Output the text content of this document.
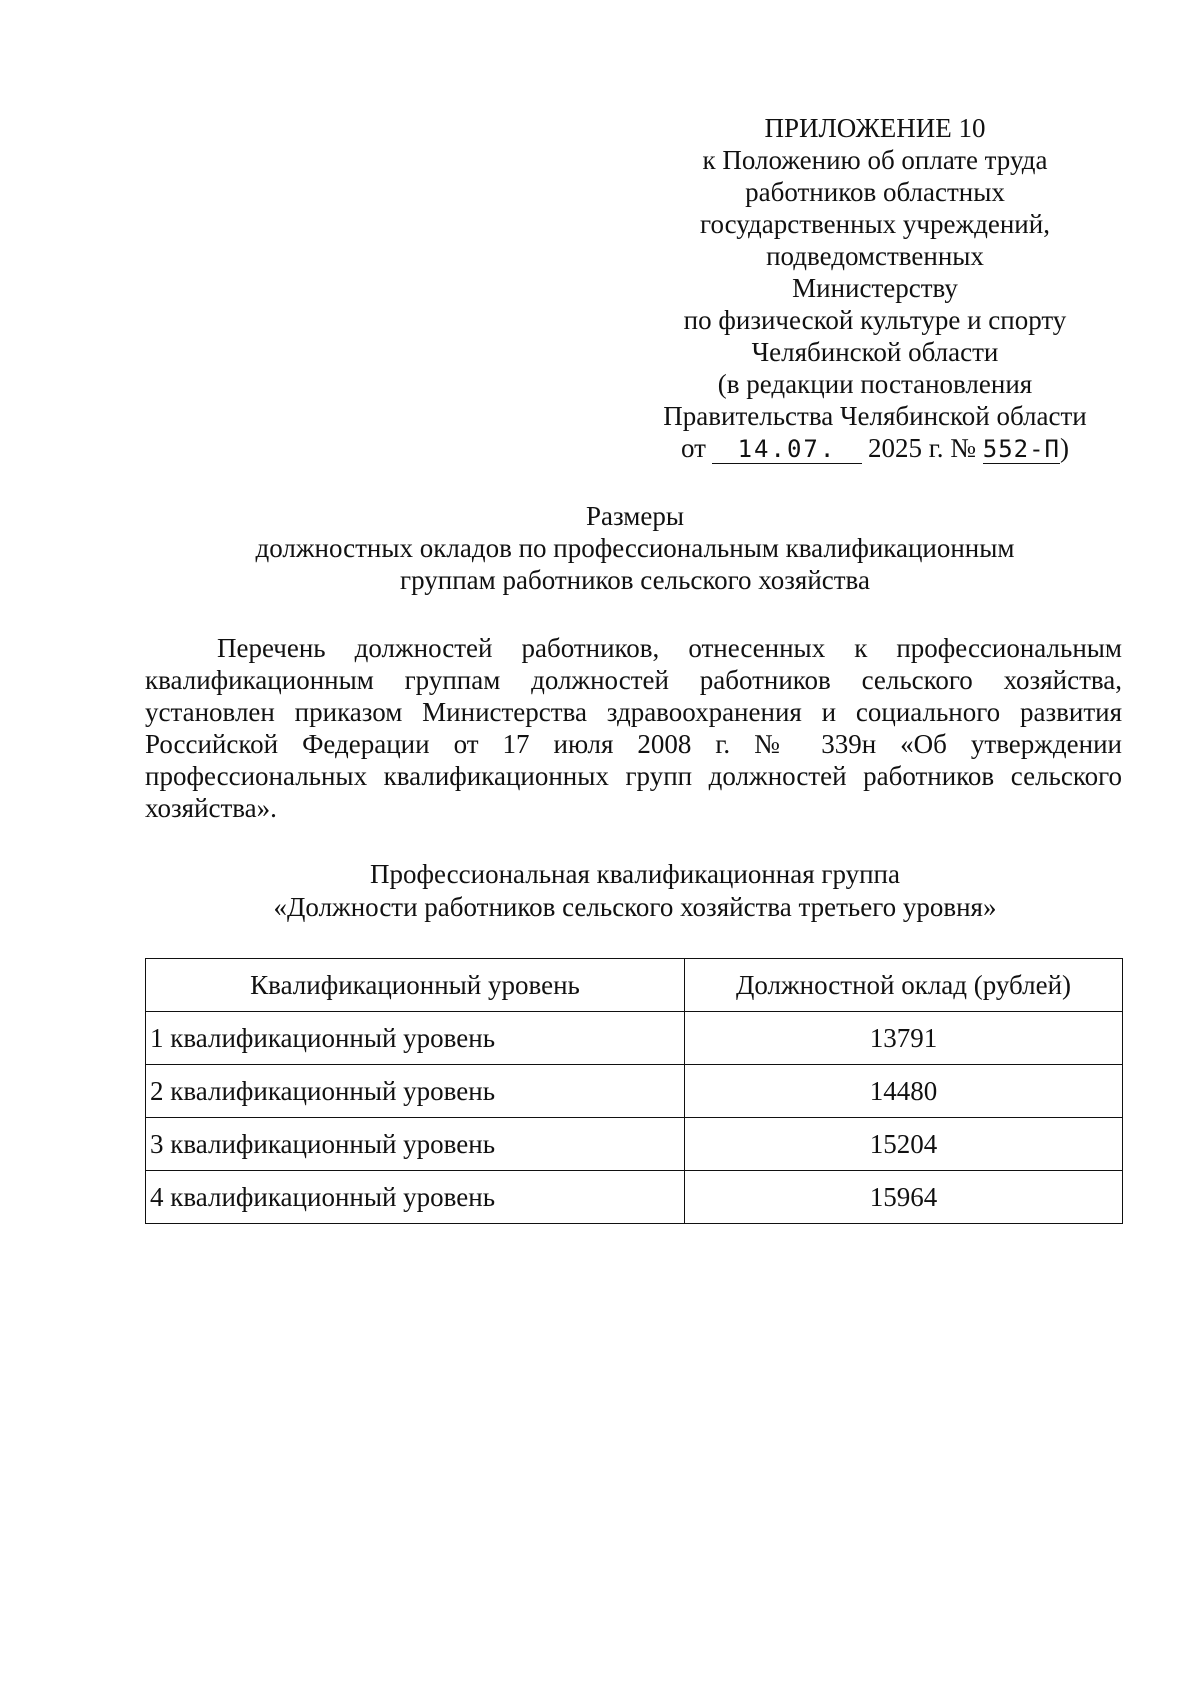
ПРИЛОЖЕНИЕ 10
к Положению об оплате труда
работников областных
государственных учреждений,
подведомственных
Министерству
по физической культуре и спорту
Челябинской области
(в редакции постановления
Правительства Челябинской области
от 14.07. 2025 г. № 552-П)
Размеры
должностных окладов по профессиональным квалификационным
группам работников сельского хозяйства

Перечень должностей работников, отнесенных к профессиональным квалификационным группам должностей работников сельского хозяйства, установлен приказом Министерства здравоохранения и социального развития Российской Федерации от 17 июля 2008 г. № 339н «Об утверждении профессиональных квалификационных групп должностей работников сельского хозяйства».

Профессиональная квалификационная группа
«Должности работников сельского хозяйства третьего уровня»
Квалификационный уровень	Должностной оклад (рублей)
1 квалификационный уровень	13791
2 квалификационный уровень	14480
3 квалификационный уровень	15204
4 квалификационный уровень	15964
